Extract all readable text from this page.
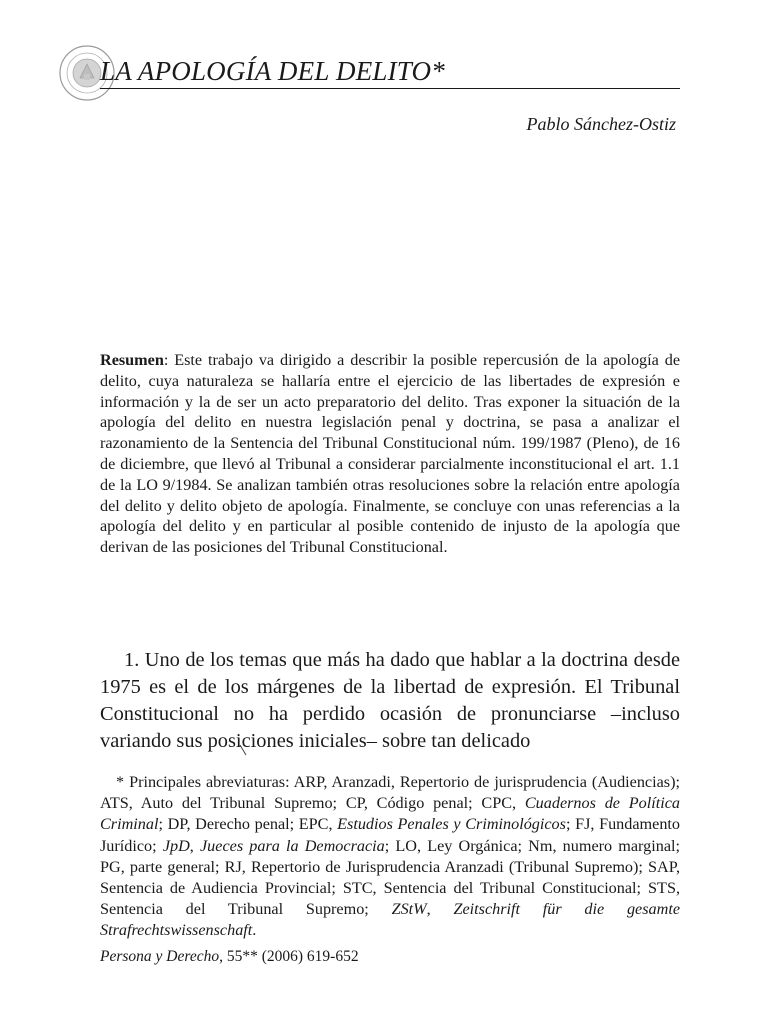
LA APOLOGÍA DEL DELITO*
Pablo Sánchez-Ostiz
Resumen: Este trabajo va dirigido a describir la posible repercusión de la apología de delito, cuya naturaleza se hallaría entre el ejercicio de las libertades de expresión e información y la de ser un acto preparatorio del delito. Tras exponer la situación de la apología del delito en nuestra legislación penal y doctrina, se pasa a analizar el razonamiento de la Sentencia del Tribunal Constitucional núm. 199/1987 (Pleno), de 16 de diciembre, que llevó al Tribunal a considerar parcialmente inconstitucional el art. 1.1 de la LO 9/1984. Se analizan también otras resoluciones sobre la relación entre apología del delito y delito objeto de apología. Finalmente, se concluye con unas referencias a la apología del delito y en particular al posible contenido de injusto de la apología que derivan de las posiciones del Tribunal Constitucional.
1. Uno de los temas que más ha dado que hablar a la doctrina desde 1975 es el de los márgenes de la libertad de expresión. El Tribunal Constitucional no ha perdido ocasión de pronunciarse –incluso variando sus posiciones iniciales– sobre tan delicado
* Principales abreviaturas: ARP, Aranzadi, Repertorio de jurisprudencia (Audiencias); ATS, Auto del Tribunal Supremo; CP, Código penal; CPC, Cuadernos de Política Criminal; DP, Derecho penal; EPC, Estudios Penales y Criminológicos; FJ, Fundamento Jurídico; JpD, Jueces para la Democracia; LO, Ley Orgánica; Nm, numero marginal; PG, parte general; RJ, Repertorio de Jurisprudencia Aranzadi (Tribunal Supremo); SAP, Sentencia de Audiencia Provincial; STC, Sentencia del Tribunal Constitucional; STS, Sentencia del Tribunal Supremo; ZStW, Zeitschrift für die gesamte Strafrechtswissenschaft.
Persona y Derecho, 55** (2006) 619-652
